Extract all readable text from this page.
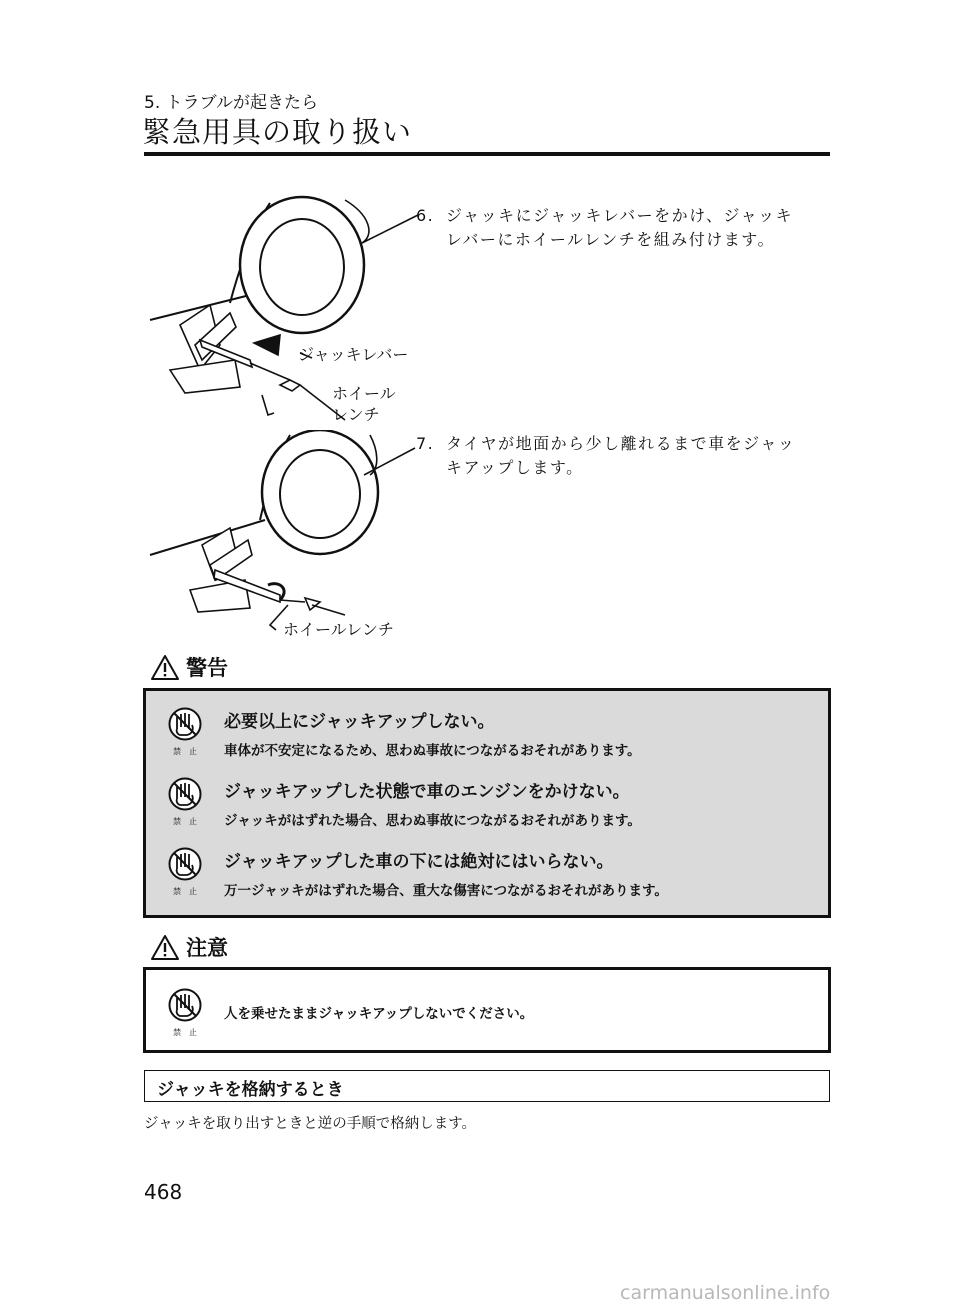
5. トラブルが起きたら
緊急用具の取り扱い
ジャッキレバー
ホイール
レンチ
6. ジャッキにジャッキレバーをかけ、ジャッキレバーにホイールレンチを組み付けます。
ホイールレンチ
7. タイヤが地面から少し離れるまで車をジャッキアップします。
警告
禁　止
必要以上にジャッキアップしない。
車体が不安定になるため、思わぬ事故につながるおそれがあります。
禁　止
ジャッキアップした状態で車のエンジンをかけない。
ジャッキがはずれた場合、思わぬ事故につながるおそれがあります。
禁　止
ジャッキアップした車の下には絶対にはいらない。
万一ジャッキがはずれた場合、重大な傷害につながるおそれがあります。
注意
禁　止
人を乗せたままジャッキアップしないでください。
ジャッキを格納するとき
ジャッキを取り出すときと逆の手順で格納します。
468
carmanualsonline.info
